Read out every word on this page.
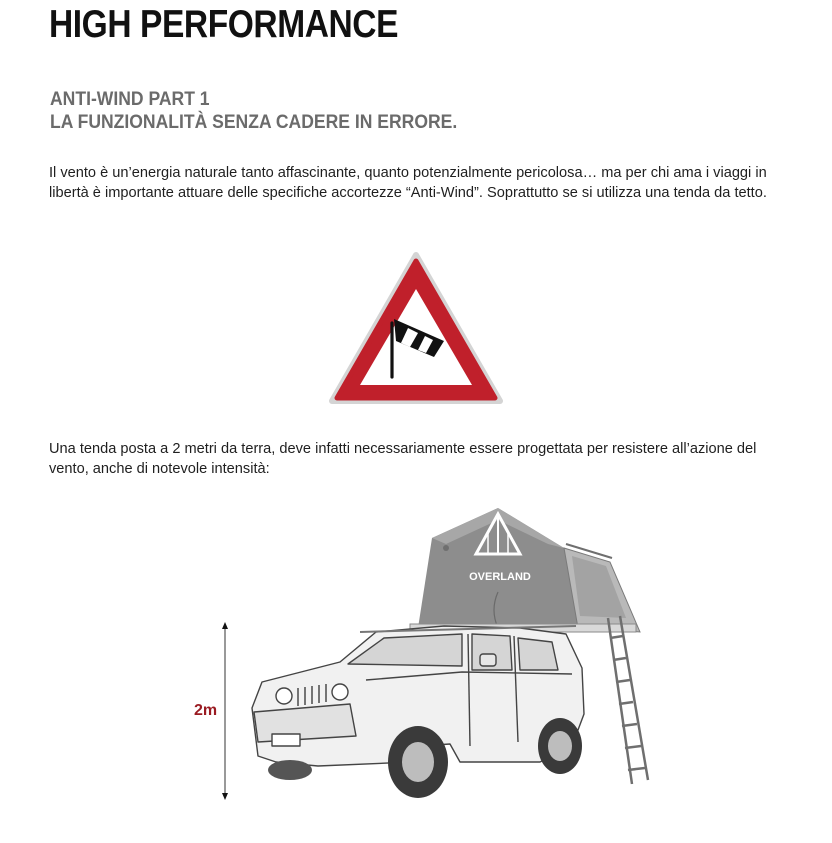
HIGH PERFORMANCE
ANTI-WIND PART 1
LA FUNZIONALITÀ SENZA CADERE IN ERRORE.

Il vento è un’energia naturale tanto affascinante, quanto potenzialmente pericolosa… ma per chi ama i viaggi in libertà è importante attuare delle specifiche accortezze “Anti-Wind”. Soprattutto se si utilizza una tenda da tetto.

Una tenda posta a 2 metri da terra, deve infatti necessariamente essere progettata per resistere all’azione del vento, anche di notevole intensità:

OVERLAND
2m
